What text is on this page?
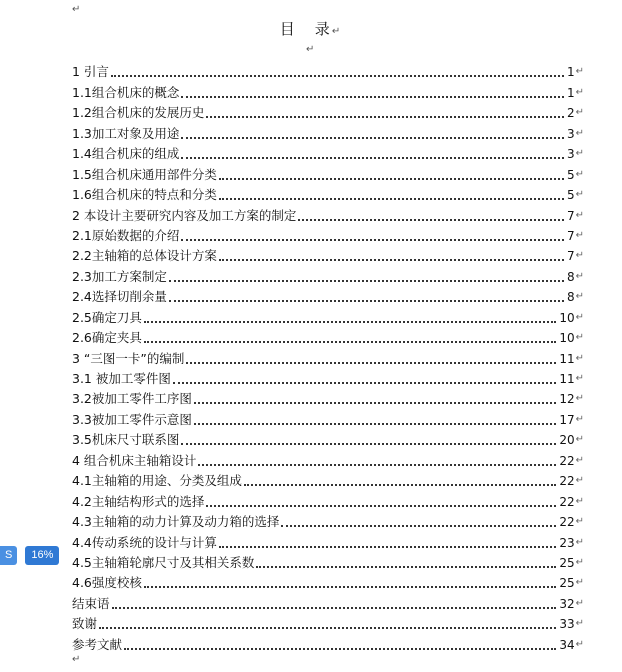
↵
目 录↵
↵
1 引言	1 ↵
1.1组合机床的概念	1 ↵
1.2组合机床的发展历史	2 ↵
1.3加工对象及用途	3 ↵
1.4组合机床的组成	3 ↵
1.5组合机床通用部件分类	5 ↵
1.6组合机床的特点和分类	5 ↵
2 本设计主要研究内容及加工方案的制定	7 ↵
2.1原始数据的介绍	7 ↵
2.2主轴箱的总体设计方案	7 ↵
2.3加工方案制定	8 ↵
2.4选择切削余量	8 ↵
2.5确定刀具	10 ↵
2.6确定夹具	10 ↵
3 “三图一卡”的编制	11 ↵
3.1 被加工零件图	11 ↵
3.2被加工零件工序图	12 ↵
3.3被加工零件示意图	17 ↵
3.5机床尺寸联系图	20 ↵
4 组合机床主轴箱设计	22 ↵
4.1主轴箱的用途、分类及组成	22 ↵
4.2主轴结构形式的选择	22 ↵
4.3主轴箱的动力计算及动力箱的选择	22 ↵
4.4传动系统的设计与计算	23 ↵
4.5主轴箱轮廓尺寸及其相关系数	25 ↵
4.6强度校核	25 ↵
结束语	32 ↵
致谢	33 ↵
参考文献	34 ↵
↵
S	16%
